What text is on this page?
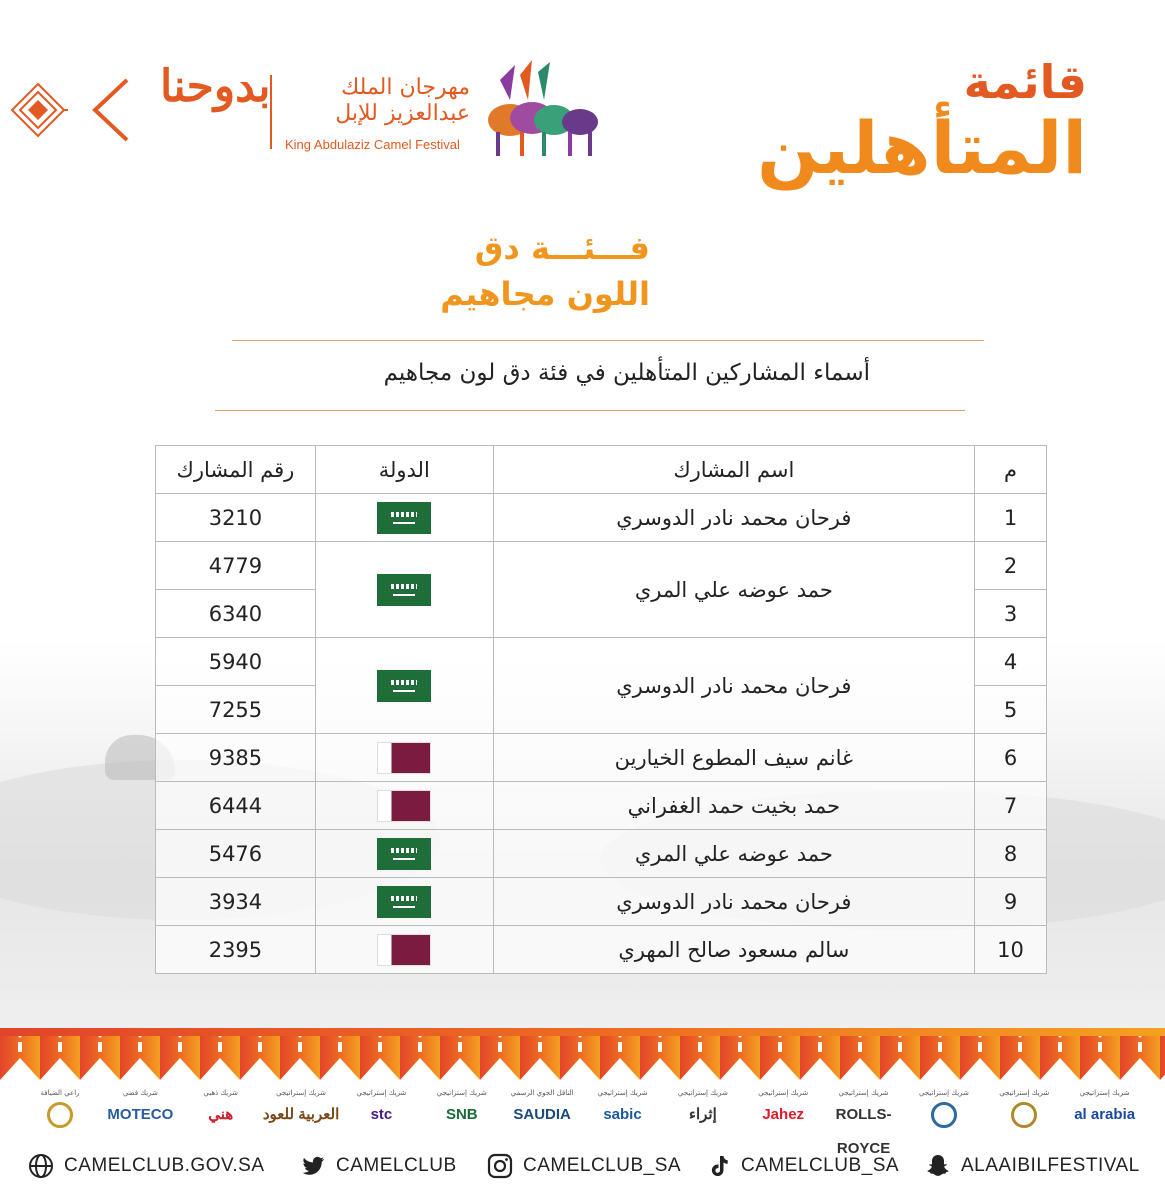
بدوحنا	مهرجان الملك
عبدالعزيز للإبل
King Abdulaziz Camel Festival
قائمة
المتأهلين
فـــئـــة دق
اللون مجاهيم
أسماء المشاركين المتأهلين في فئة دق لون مجاهيم
رقم المشارك	الدولة	اسم المشارك	م
3210		فرحان محمد نادر الدوسري	1
4779		حمد عوضه علي المري	2
6340			3
5940		فرحان محمد نادر الدوسري	4
7255			5
9385		غانم سيف المطوع الخيارين	6
6444		حمد بخيت حمد الغفراني	7
5476		حمد عوضه علي المري	8
3934		فرحان محمد نادر الدوسري	9
2395		سالم مسعود صالح المهري	10
راعي الضيافة	شريك فضي
MOTECO
شريك ذهبي
هني
شريك إستراتيجي
العربية للعود
شريك إستراتيجي
stc
شريك إستراتيجي
SNB
الناقل الجوي الرسمي
SAUDIA
شريك إستراتيجي
sabic
شريك إستراتيجي
إثراء
شريك إستراتيجي
Jahez
شريك إستراتيجي
ROLLS-ROYCE
شريك إستراتيجي	شريك إستراتيجي	شريك إستراتيجي
al arabia
CAMELCLUB.GOV.SA	CAMELCLUB	CAMELCLUB_SA	CAMELCLUB_SA	ALAAIBILFESTIVAL
